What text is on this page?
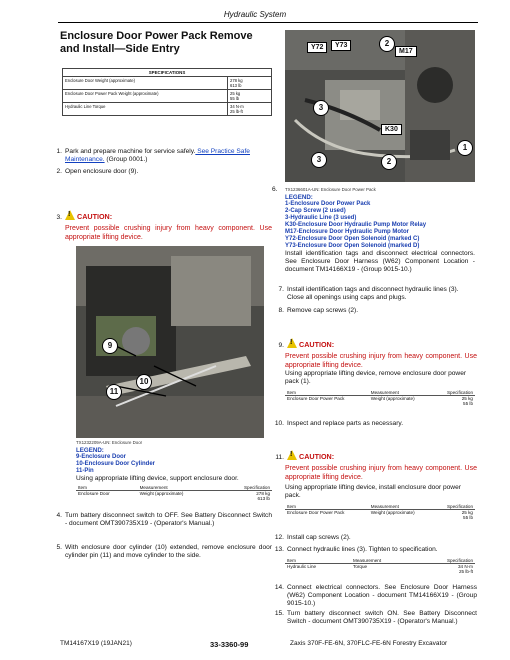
Hydraulic System
Enclosure Door Power Pack Remove and Install—Side Entry
SPECIFICATIONS	
Enclosure Door Weight (approximate)	278 kg
613 lb
Enclosure Door Power Pack Weight (approximate)	25 kg
55 lb
Hydraulic Line Torque	34 N·m
25 lb-ft
1. Park and prepare machine for service safely. See Practice Safe Maintenance. (Group 0001.)
2. Open enclosure door (9).
3. ! CAUTION:
Prevent possible crushing injury from heavy component. Use appropriate lifting device.
9
10
11
TX1232209A-UN: Enclosure Door
LEGEND:
9-Enclosure Door
10-Enclosure Door Cylinder
11-Pin
Using appropriate lifting device, support enclosure door.
Item	Measurement	Specification
Enclosure Door	Weight (approximate)	278 kg
613 lb
4. Turn battery disconnect switch to OFF. See Battery Disconnect Switch - document OMT390735X19 - (Operator's Manual.)
5. With enclosure door cylinder (10) extended, remove enclosure door cylinder pin (11) and move cylinder to the side.
Y72	Y73
M17
K30
2
3
1
3	2
6.	TX1236601A-UN: Enclosure Door Power Pack
LEGEND:
1-Enclosure Door Power Pack
2-Cap Screw (2 used)
3-Hydraulic Line (3 used)
K30-Enclosure Door Hydraulic Pump Motor Relay
M17-Enclosure Door Hydraulic Pump Motor
Y72-Enclosure Door Open Solenoid (marked C)
Y73-Enclosure Door Open Solenoid (marked D)
Install identification tags and disconnect electrical connectors. See Enclosure Door Harness (W62) Component Location - document TM14166X19 - (Group 9015-10.)
7. Install identification tags and disconnect hydraulic lines (3). Close all openings using caps and plugs.
8. Remove cap screws (2).
9. ! CAUTION:
Prevent possible crushing injury from heavy component. Use appropriate lifting device.
Using appropriate lifting device, remove enclosure door power pack (1).
Item	Measurement	Specification
Enclosure Door Power Pack	Weight (approximate)	25 kg
55 lb
10. Inspect and replace parts as necessary.
11. ! CAUTION:
Prevent possible crushing injury from heavy component. Use appropriate lifting device.
Using appropriate lifting device, install enclosure door power pack.
Item	Measurement	Specification
Enclosure Door Power Pack	Weight (approximate)	25 kg
55 lb
12. Install cap screws (2).
13. Connect hydraulic lines (3). Tighten to specification.
Item	Measurement	Specification
Hydraulic Line	Torque	34 N·m
25 lb-ft
14. Connect electrical connectors. See Enclosure Door Harness (W62) Component Location - document TM14166X19 - (Group 9015-10.)
15. Turn battery disconnect switch ON. See Battery Disconnect Switch - document OMT390735X19 - (Operator's Manual.)
TM14167X19 (19JAN21)	33-3360-99	Zaxis 370F-FE-6N, 370FLC-FE-6N Forestry Excavator
